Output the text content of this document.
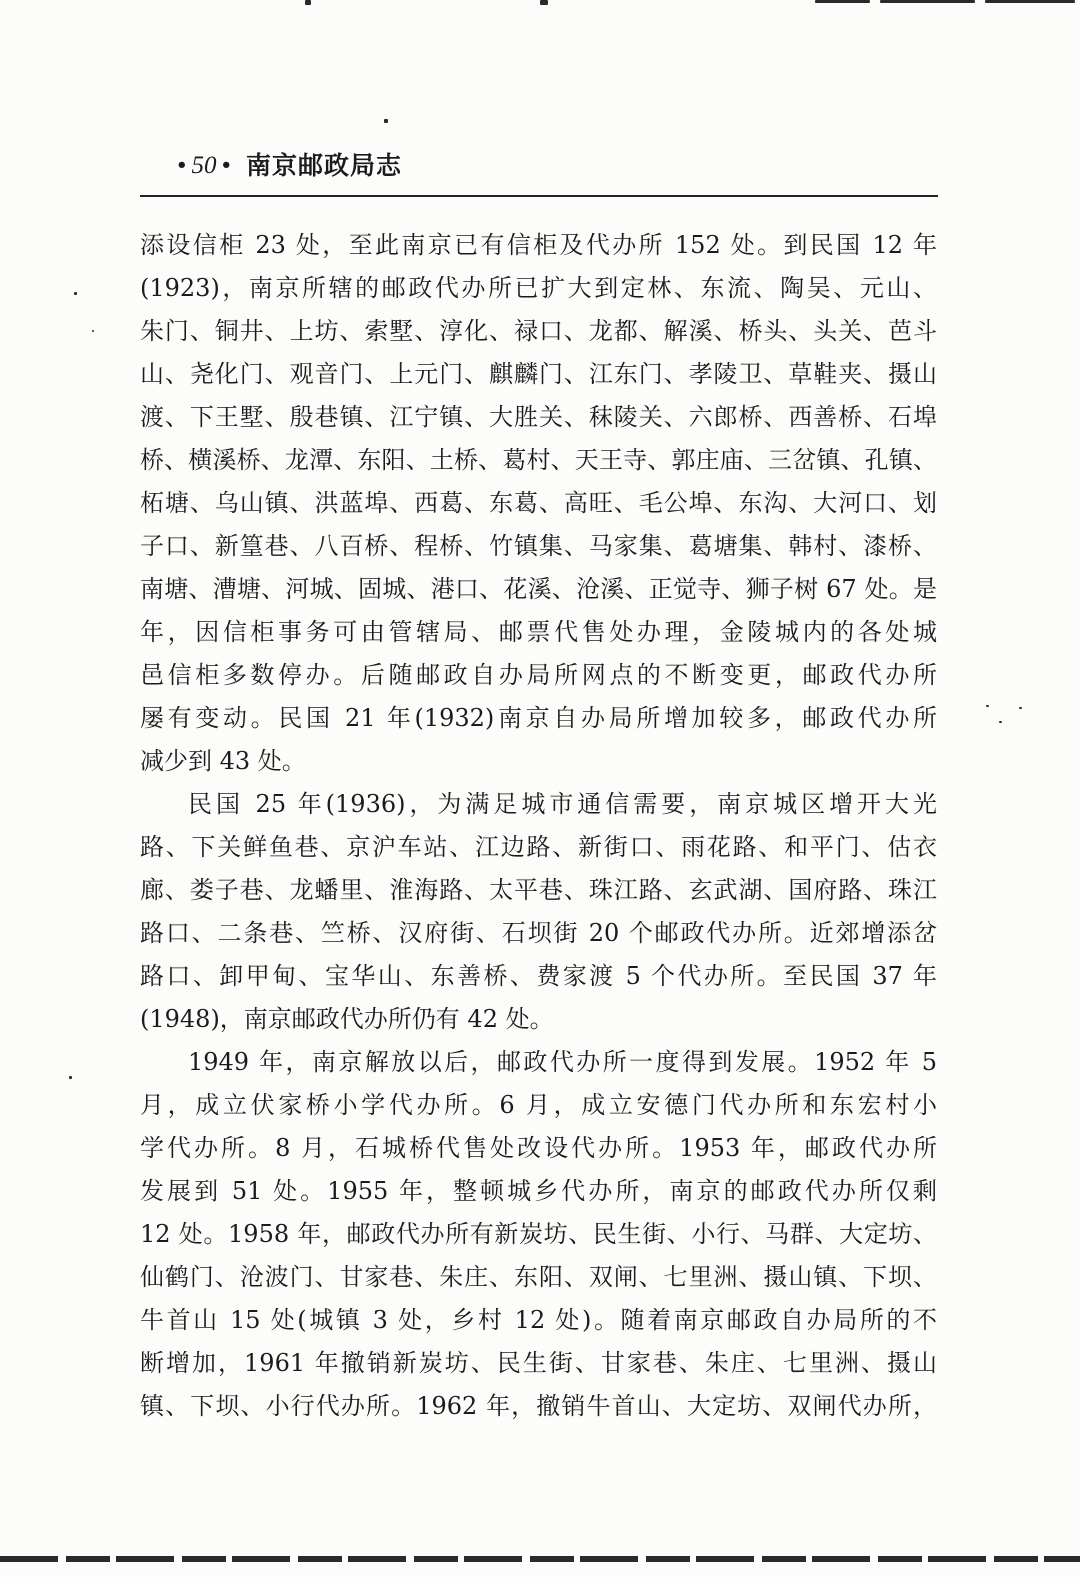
• 50 • 南京邮政局志
添设信柜 23 处，至此南京已有信柜及代办所 152 处。到民国 12 年
(1923)，南京所辖的邮政代办所已扩大到定林、东流、陶吴、元山、
朱门、铜井、上坊、索墅、淳化、禄口、龙都、解溪、桥头、头关、芭斗
山、尧化门、观音门、上元门、麒麟门、江东门、孝陵卫、草鞋夹、摄山
渡、下王墅、殷巷镇、江宁镇、大胜关、秣陵关、六郎桥、西善桥、石埠
桥、横溪桥、龙潭、东阳、土桥、葛村、天王寺、郭庄庙、三岔镇、孔镇、
柘塘、乌山镇、洪蓝埠、西葛、东葛、高旺、毛公埠、东沟、大河口、划
子口、新篁巷、八百桥、程桥、竹镇集、马家集、葛塘集、韩村、漆桥、
南塘、漕塘、河城、固城、港口、花溪、沧溪、正觉寺、狮子树 67 处。是
年，因信柜事务可由管辖局、邮票代售处办理，金陵城内的各处城
邑信柜多数停办。后随邮政自办局所网点的不断变更，邮政代办所
屡有变动。民国 21 年(1932)南京自办局所增加较多，邮政代办所
减少到 43 处。
民国 25 年(1936)，为满足城市通信需要，南京城区增开大光
路、下关鲜鱼巷、京沪车站、江边路、新街口、雨花路、和平门、估衣
廊、娄子巷、龙蟠里、淮海路、太平巷、珠江路、玄武湖、国府路、珠江
路口、二条巷、竺桥、汉府街、石坝街 20 个邮政代办所。近郊增添岔
路口、卸甲甸、宝华山、东善桥、费家渡 5 个代办所。至民国 37 年
(1948)，南京邮政代办所仍有 42 处。
1949 年，南京解放以后，邮政代办所一度得到发展。1952 年 5
月，成立伏家桥小学代办所。6 月，成立安德门代办所和东宏村小
学代办所。8 月，石城桥代售处改设代办所。1953 年，邮政代办所
发展到 51 处。1955 年，整顿城乡代办所，南京的邮政代办所仅剩
12 处。1958 年，邮政代办所有新炭坊、民生街、小行、马群、大定坊、
仙鹤门、沧波门、甘家巷、朱庄、东阳、双闸、七里洲、摄山镇、下坝、
牛首山 15 处(城镇 3 处，乡村 12 处)。随着南京邮政自办局所的不
断增加，1961 年撤销新炭坊、民生街、甘家巷、朱庄、七里洲、摄山
镇、下坝、小行代办所。1962 年，撤销牛首山、大定坊、双闸代办所，
